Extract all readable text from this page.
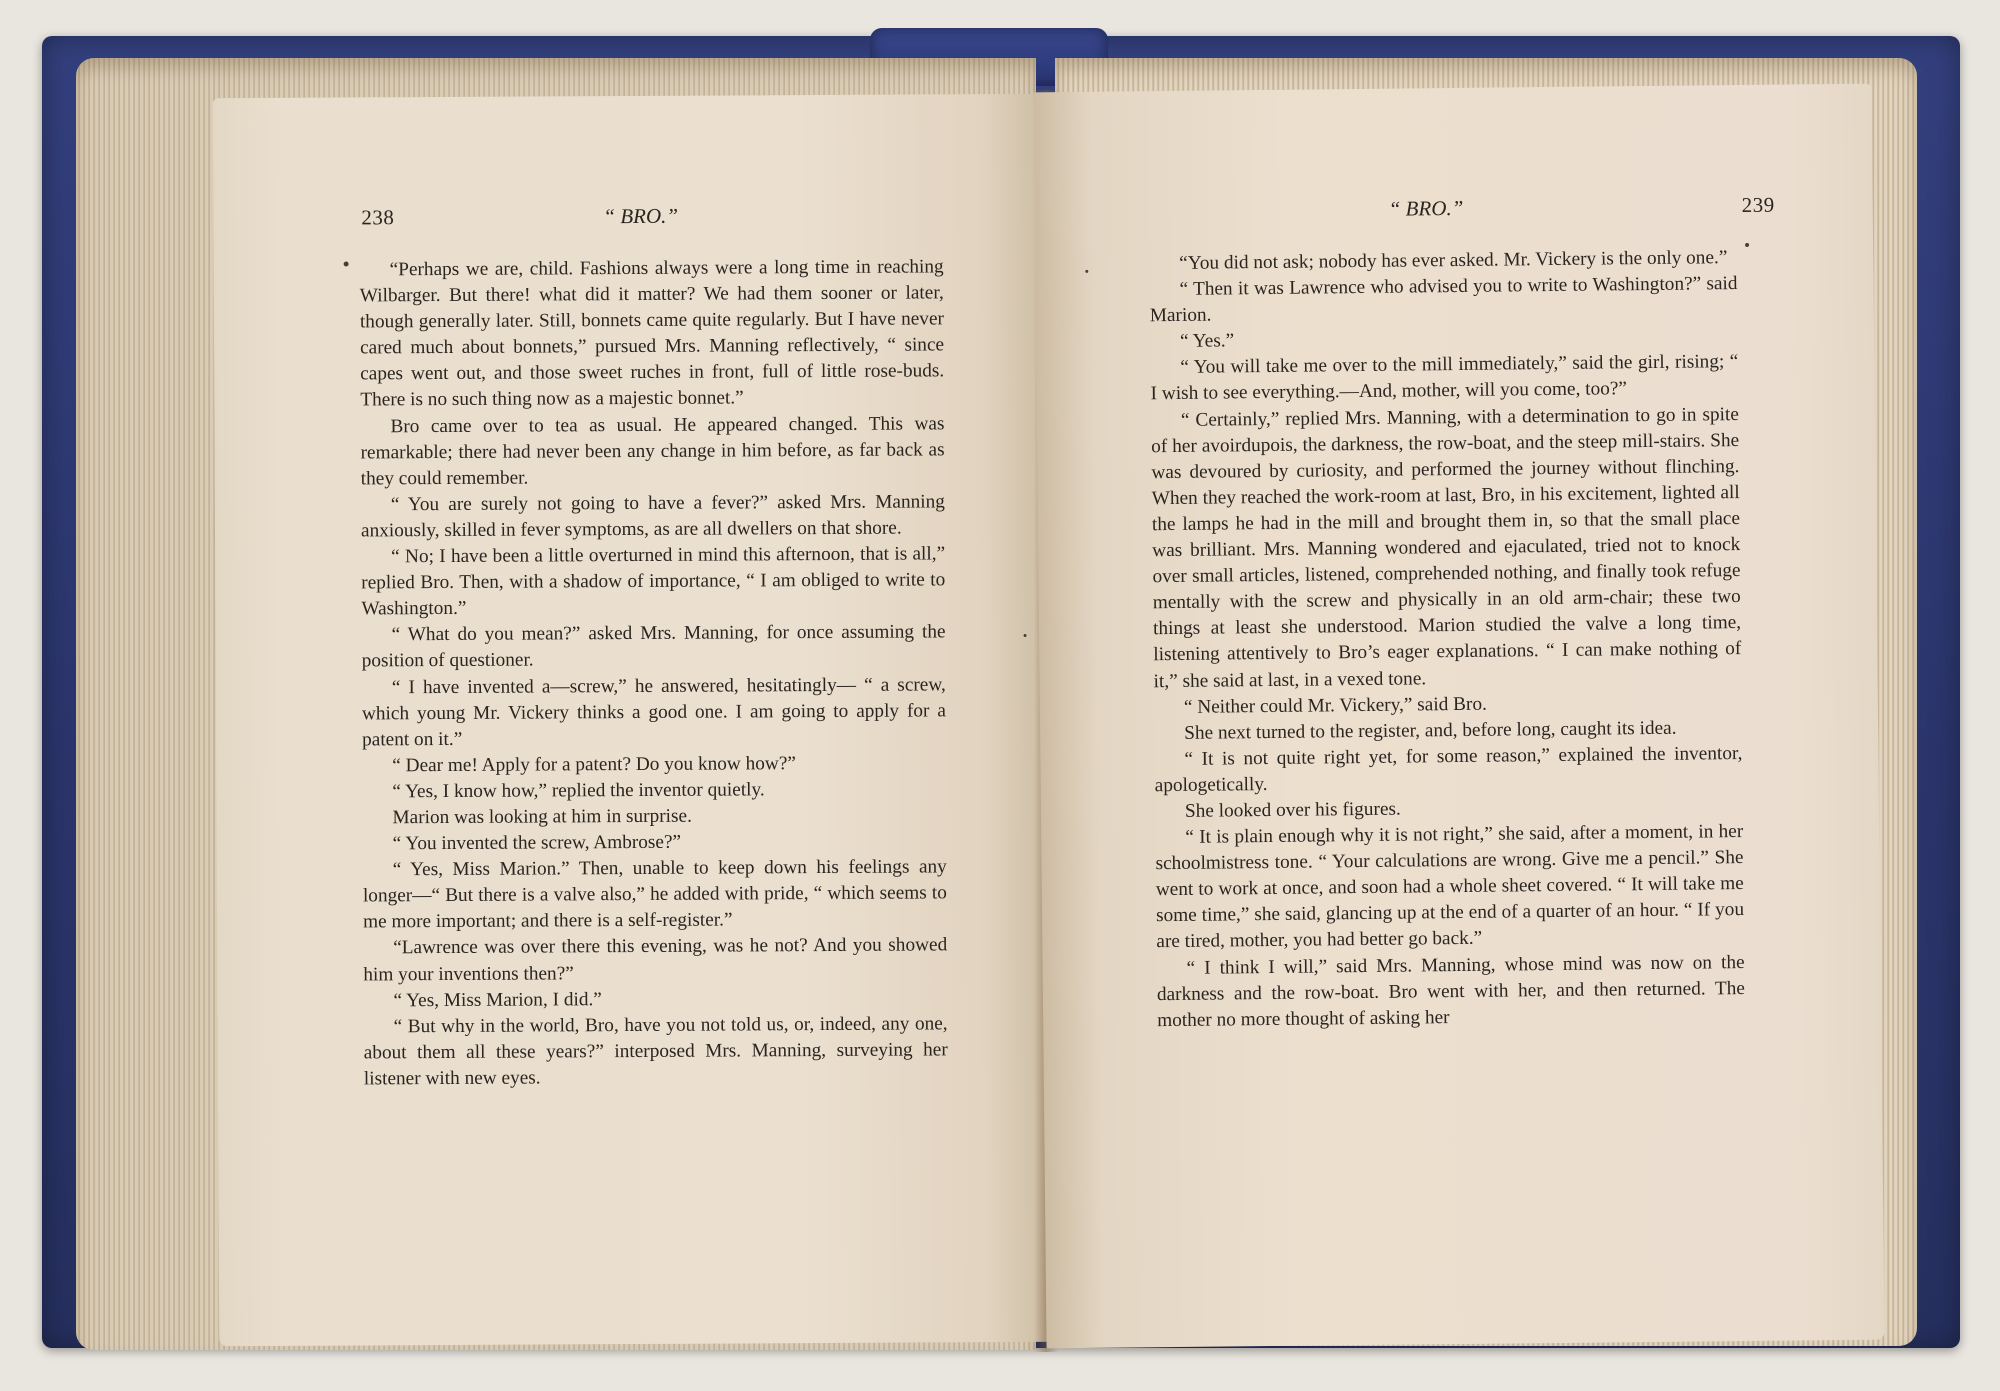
238	“ BRO.”

“Perhaps we are, child. Fashions always were a long time in reaching Wilbarger. But there! what did it matter? We had them sooner or later, though generally later. Still, bonnets came quite regularly. But I have never cared much about bonnets,” pursued Mrs. Manning reflectively, “ since capes went out, and those sweet ruches in front, full of little rose-buds. There is no such thing now as a majestic bonnet.”

Bro came over to tea as usual. He appeared changed. This was remarkable; there had never been any change in him before, as far back as they could remember.

“ You are surely not going to have a fever?” asked Mrs. Manning anxiously, skilled in fever symptoms, as are all dwellers on that shore.

“ No; I have been a little overturned in mind this afternoon, that is all,” replied Bro. Then, with a shadow of importance, “ I am obliged to write to Washington.”

“ What do you mean?” asked Mrs. Manning, for once assuming the position of questioner.

“ I have invented a—screw,” he answered, hesitatingly— “ a screw, which young Mr. Vickery thinks a good one. I am going to apply for a patent on it.”

“ Dear me! Apply for a patent? Do you know how?”

“ Yes, I know how,” replied the inventor quietly.

Marion was looking at him in surprise.

“ You invented the screw, Ambrose?”

“ Yes, Miss Marion.” Then, unable to keep down his feelings any longer—“ But there is a valve also,” he added with pride, “ which seems to me more important; and there is a self-register.”

“Lawrence was over there this evening, was he not? And you showed him your inventions then?”

“ Yes, Miss Marion, I did.”

“ But why in the world, Bro, have you not told us, or, indeed, any one, about them all these years?” interposed Mrs. Manning, surveying her listener with new eyes.

“ BRO.”	239

“You did not ask; nobody has ever asked. Mr. Vickery is the only one.”

“ Then it was Lawrence who advised you to write to Washington?” said Marion.

“ Yes.”

“ You will take me over to the mill immediately,” said the girl, rising; “ I wish to see everything.—And, mother, will you come, too?”

“ Certainly,” replied Mrs. Manning, with a determination to go in spite of her avoirdupois, the darkness, the row-boat, and the steep mill-stairs. She was devoured by curiosity, and performed the journey without flinching. When they reached the work-room at last, Bro, in his excitement, lighted all the lamps he had in the mill and brought them in, so that the small place was brilliant. Mrs. Manning wondered and ejaculated, tried not to knock over small articles, listened, comprehended nothing, and finally took refuge mentally with the screw and physically in an old arm-chair; these two things at least she understood. Marion studied the valve a long time, listening attentively to Bro’s eager explanations. “ I can make nothing of it,” she said at last, in a vexed tone.

“ Neither could Mr. Vickery,” said Bro.

She next turned to the register, and, before long, caught its idea.

“ It is not quite right yet, for some reason,” explained the inventor, apologetically.

She looked over his figures.

“ It is plain enough why it is not right,” she said, after a moment, in her schoolmistress tone. “ Your calculations are wrong. Give me a pencil.” She went to work at once, and soon had a whole sheet covered. “ It will take me some time,” she said, glancing up at the end of a quarter of an hour. “ If you are tired, mother, you had better go back.”

“ I think I will,” said Mrs. Manning, whose mind was now on the darkness and the row-boat. Bro went with her, and then returned. The mother no more thought of asking her
